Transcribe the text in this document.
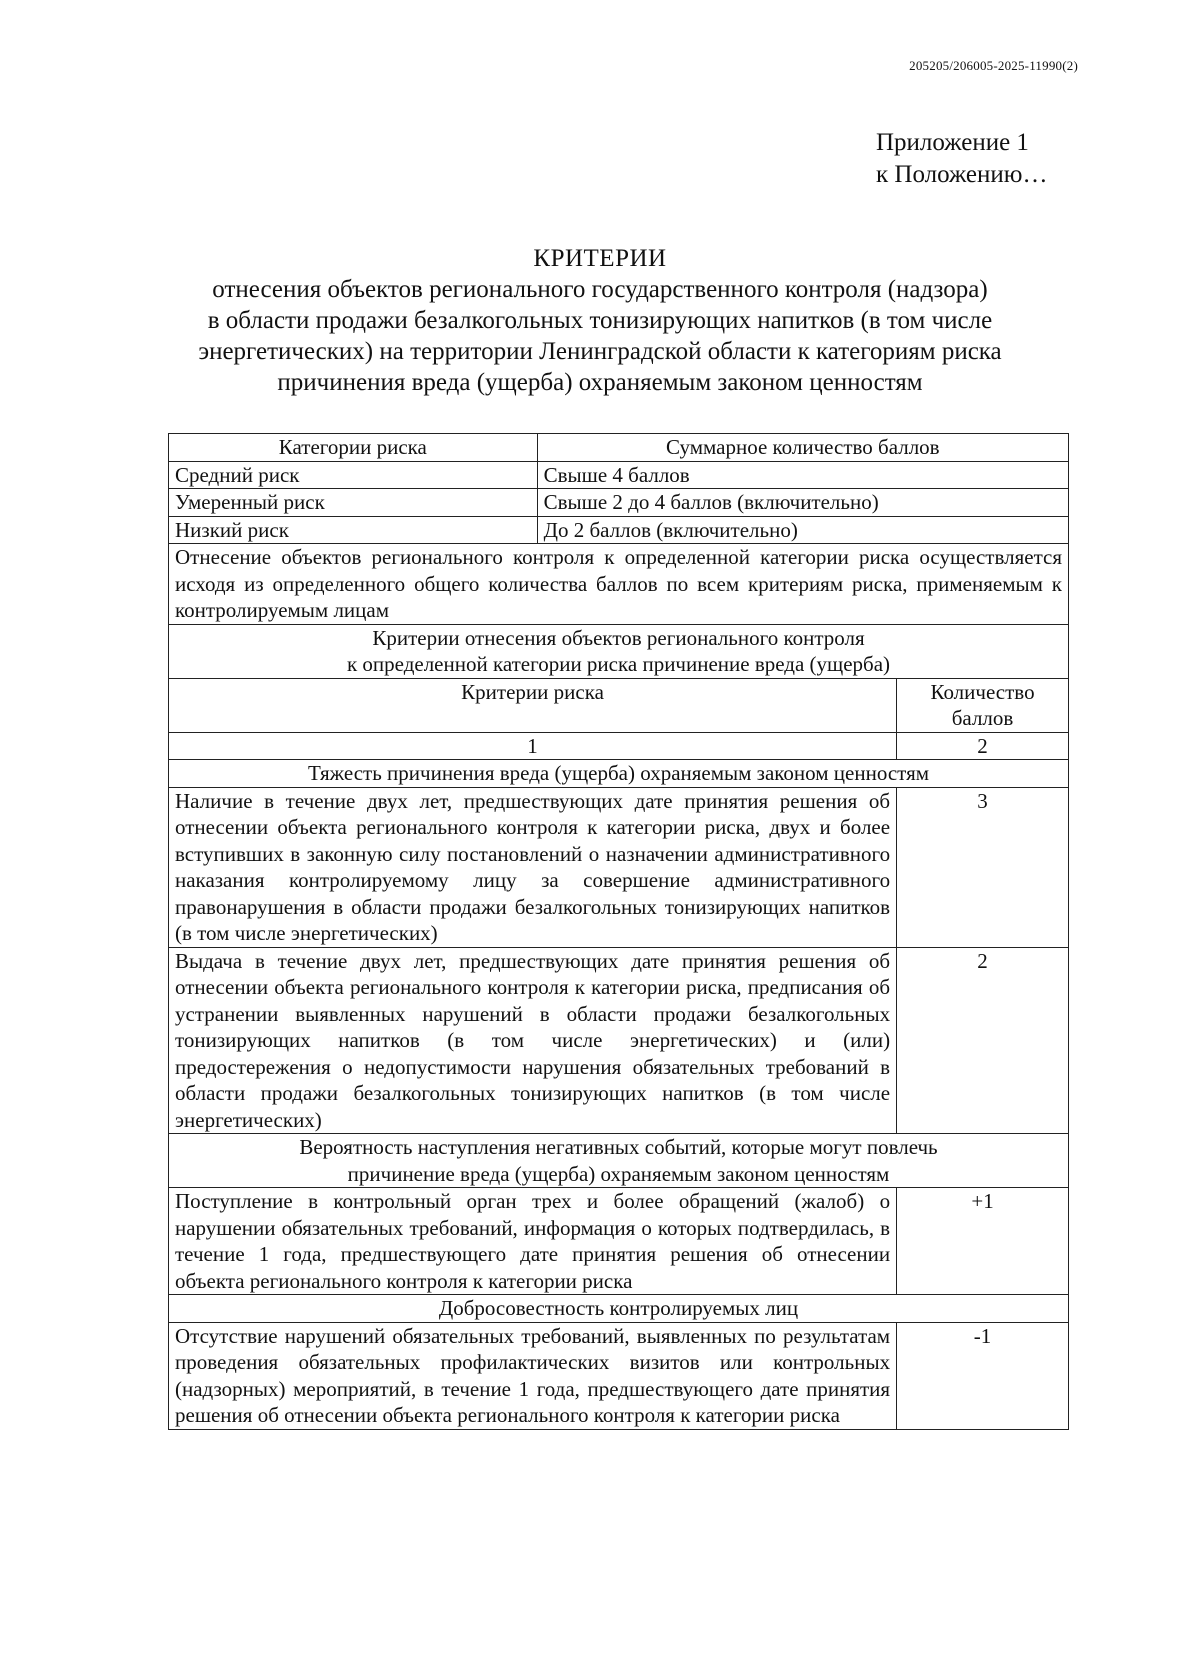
205205/206005-2025-11990(2)
Приложение 1
к Положению…
КРИТЕРИИ
отнесения объектов регионального государственного контроля (надзора)
в области продажи безалкогольных тонизирующих напитков (в том числе
энергетических) на территории Ленинградской области к категориям риска
причинения вреда (ущерба) охраняемым законом ценностям
Категории риска	Суммарное количество баллов	
Средний риск	Свыше 4 баллов	
Умеренный риск	Свыше 2 до 4 баллов (включительно)	
Низкий риск	До 2 баллов (включительно)	
Отнесение объектов регионального контроля к определенной категории риска осуществляется исходя из определенного общего количества баллов по всем критериям риска, применяемым к контролируемым лицам		

Критерии отнесения объектов регионального контроля
к определенной категории риска причинение вреда (ущерба)		

Критерии риска		Количество
баллов

1		2
Тяжесть причинения вреда (ущерба) охраняемым законом ценностям		
Наличие в течение двух лет, предшествующих дате принятия решения об отнесении объекта регионального контроля к категории риска, двух и более вступивших в законную силу постановлений о назначении административного наказания контролируемому лицу за совершение административного правонарушения в области продажи безалкогольных тонизирующих напитков (в том числе энергетических)		3
Выдача в течение двух лет, предшествующих дате принятия решения об отнесении объекта регионального контроля к категории риска, предписания об устранении выявленных нарушений в области продажи безалкогольных тонизирующих напитков (в том числе энергетических) и (или) предостережения о недопустимости нарушения обязательных требований в области продажи безалкогольных тонизирующих напитков (в том числе энергетических)		2

Вероятность наступления негативных событий, которые могут повлечь
причинение вреда (ущерба) охраняемым законом ценностям		

Поступление в контрольный орган трех и более обращений (жалоб) о нарушении обязательных требований, информация о которых подтвердилась, в течение 1 года, предшествующего дате принятия решения об отнесении объекта регионального контроля к категории риска		+1
Добросовестность контролируемых лиц		
Отсутствие нарушений обязательных требований, выявленных по результатам проведения обязательных профилактических визитов или контрольных (надзорных) мероприятий, в течение 1 года, предшествующего дате принятия решения об отнесении объекта регионального контроля к категории риска		-1
